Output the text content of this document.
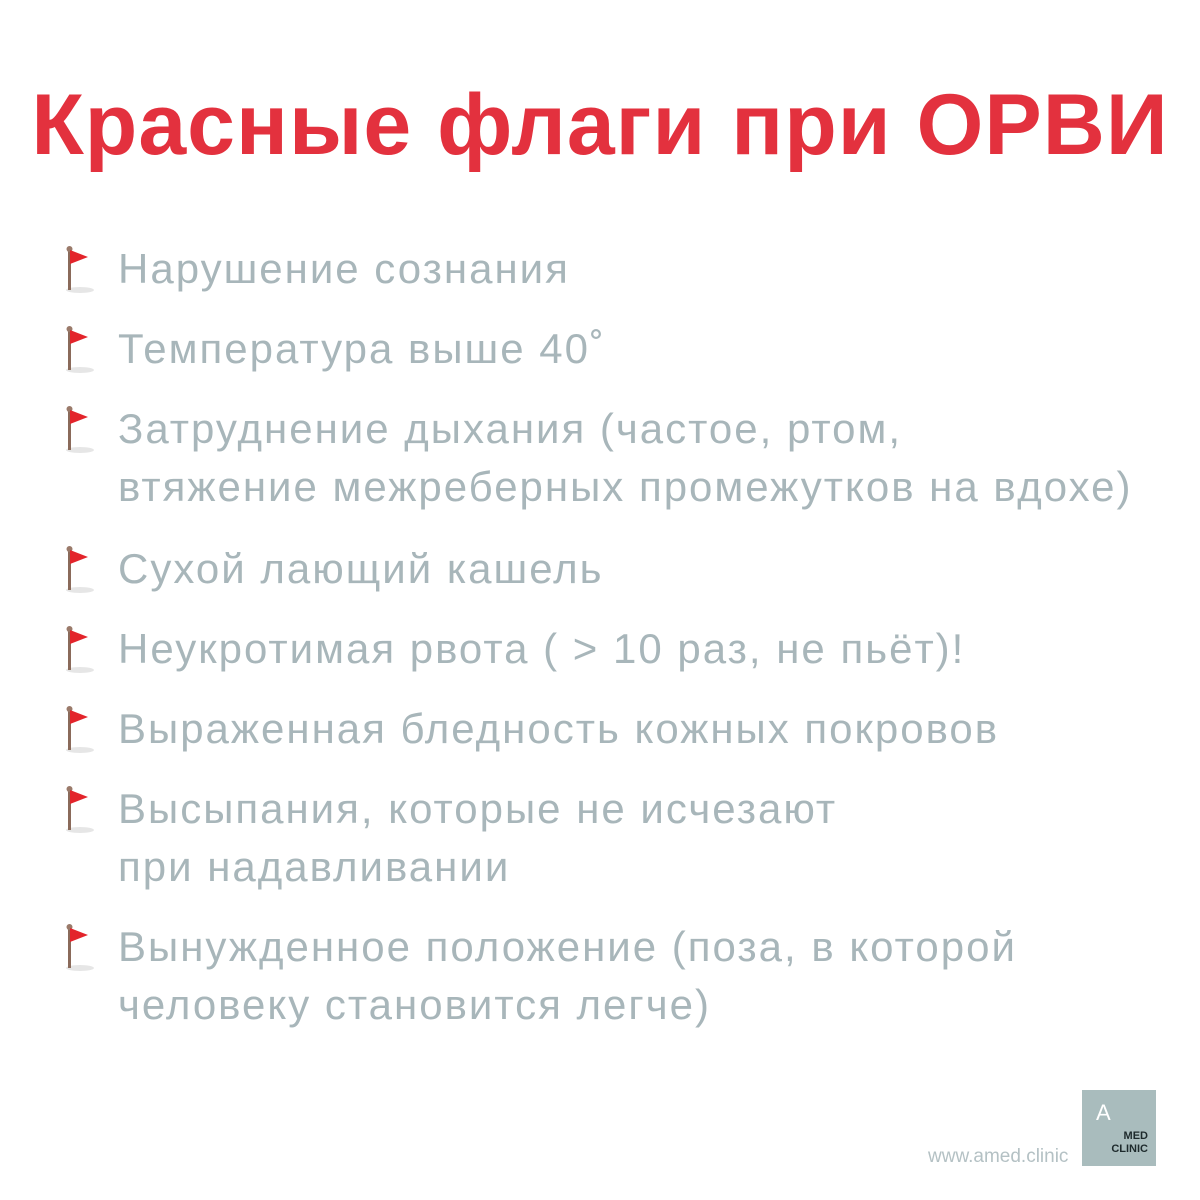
Красные флаги при ОРВИ
Нарушение сознания
Температура выше 40˚
Затруднение дыхания (частое, ртом,
втяжение межреберных промежутков на вдохе)
Сухой лающий кашель
Неукротимая рвота ( > 10 раз, не пьёт)!
Выраженная бледность кожных покровов
Высыпания, которые не исчезают
при надавливании
Вынужденное положение (поза, в которой
человеку становится легче)
A
MED
CLINIC
www.amed.clinic
